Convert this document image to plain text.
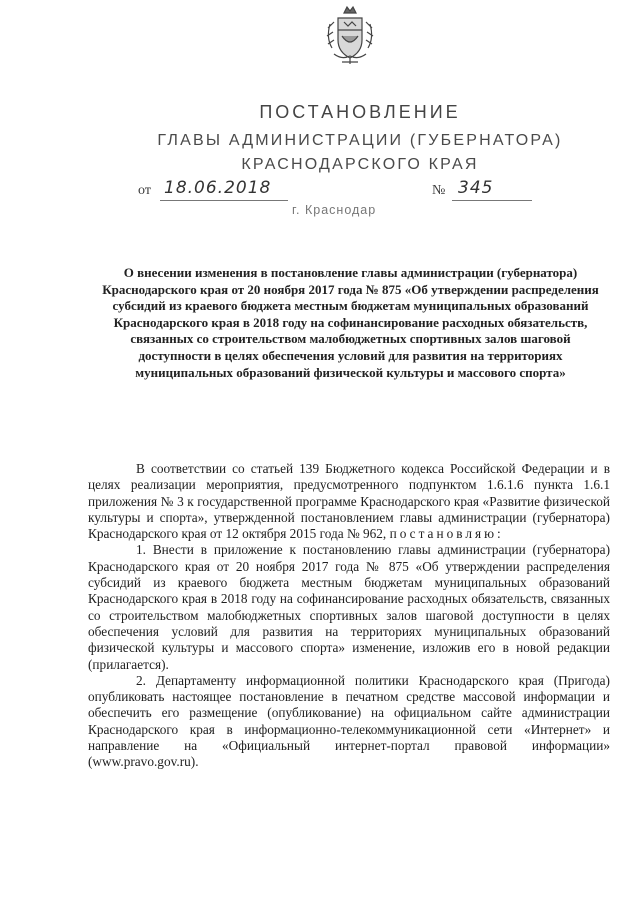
ПОСТАНОВЛЕНИЕ

ГЛАВЫ АДМИНИСТРАЦИИ (ГУБЕРНАТОРА)

КРАСНОДАРСКОГО КРАЯ

от 18.06.2018	№ 345
г. Краснодар
О внесении изменения в постановление главы администрации (губернатора) Краснодарского края от 20 ноября 2017 года № 875 «Об утверждении распределения субсидий из краевого бюджета местным бюджетам муниципальных образований Краснодарского края в 2018 году на софинансирование расходных обязательств, связанных со строительством малобюджетных спортивных залов шаговой доступности в целях обеспечения условий для развития на территориях муниципальных образований физической культуры и массового спорта»

В соответствии со статьей 139 Бюджетного кодекса Российской Федерации и в целях реализации мероприятия, предусмотренного подпунктом 1.6.1.6 пункта 1.6.1 приложения № 3 к государственной программе Краснодарского края «Развитие физической культуры и спорта», утвержденной постановлением главы администрации (губернатора) Краснодарского края от 12 октября 2015 года № 962, постановляю:

1. Внести в приложение к постановлению главы администрации (губернатора) Краснодарского края от 20 ноября 2017 года № 875 «Об утверждении распределения субсидий из краевого бюджета местным бюджетам муниципальных образований Краснодарского края в 2018 году на софинансирование расходных обязательств, связанных со строительством малобюджетных спортивных залов шаговой доступности в целях обеспечения условий для развития на территориях муниципальных образований физической культуры и массового спорта» изменение, изложив его в новой редакции (прилагается).

2. Департаменту информационной политики Краснодарского края (Пригода) опубликовать настоящее постановление в печатном средстве массовой информации и обеспечить его размещение (опубликование) на официальном сайте администрации Краснодарского края в информационно-телекоммуникационной сети «Интернет» и направление на «Официальный интернет-портал правовой информации» (www.pravo.gov.ru).
